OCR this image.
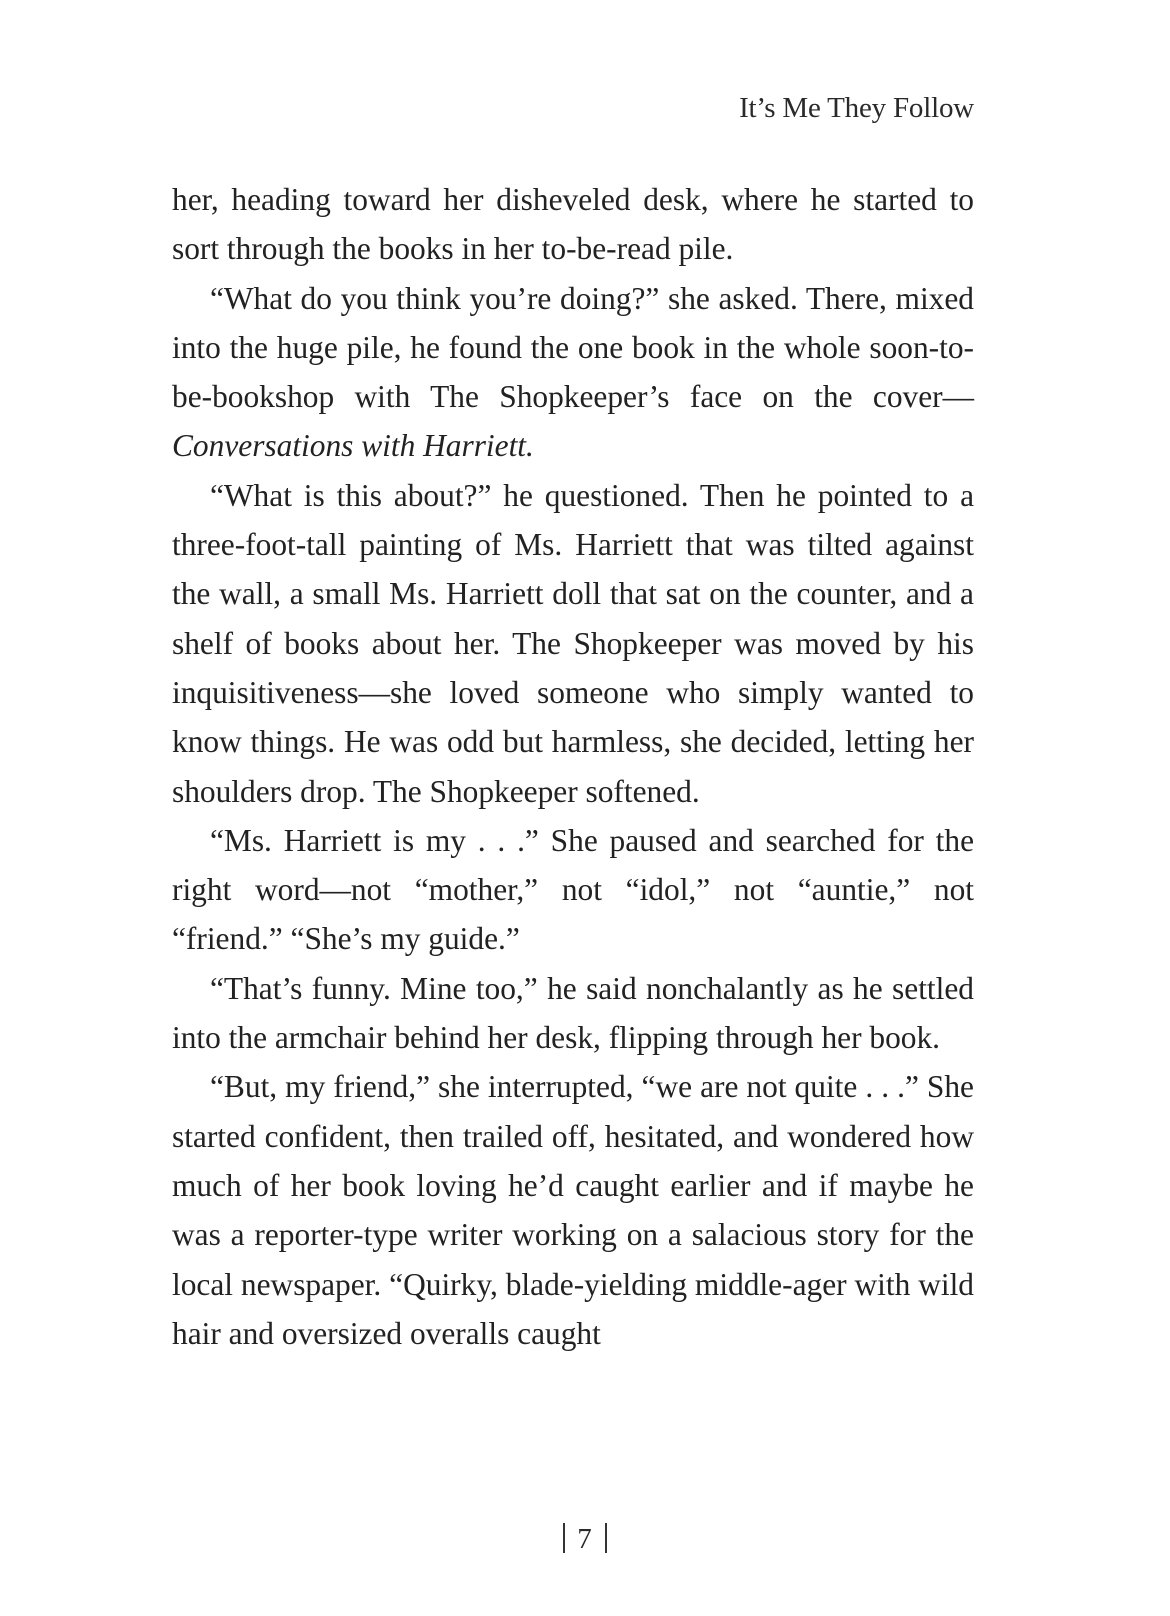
It’s Me They Follow

her, heading toward her disheveled desk, where he started to sort through the books in her to-be-read pile.

“What do you think you’re doing?” she asked. There, mixed into the huge pile, he found the one book in the whole soon-to-be-bookshop with The Shopkeeper’s face on the cover—Conversations with Harriett.

“What is this about?” he questioned. Then he pointed to a three-foot-tall painting of Ms. Harriett that was tilted against the wall, a small Ms. Harriett doll that sat on the counter, and a shelf of books about her. The Shopkeeper was moved by his inquisitiveness—she loved someone who simply wanted to know things. He was odd but harmless, she decided, letting her shoulders drop. The Shopkeeper softened.

“Ms. Harriett is my . . .” She paused and searched for the right word—not “mother,” not “idol,” not “auntie,” not “friend.” “She’s my guide.”

“That’s funny. Mine too,” he said nonchalantly as he settled into the armchair behind her desk, flipping through her book.

“But, my friend,” she interrupted, “we are not quite . . .” She started confident, then trailed off, hesitated, and wondered how much of her book loving he’d caught earlier and if maybe he was a reporter-type writer working on a salacious story for the local newspaper. “Quirky, blade-yielding middle-ager with wild hair and oversized overalls caught

7
